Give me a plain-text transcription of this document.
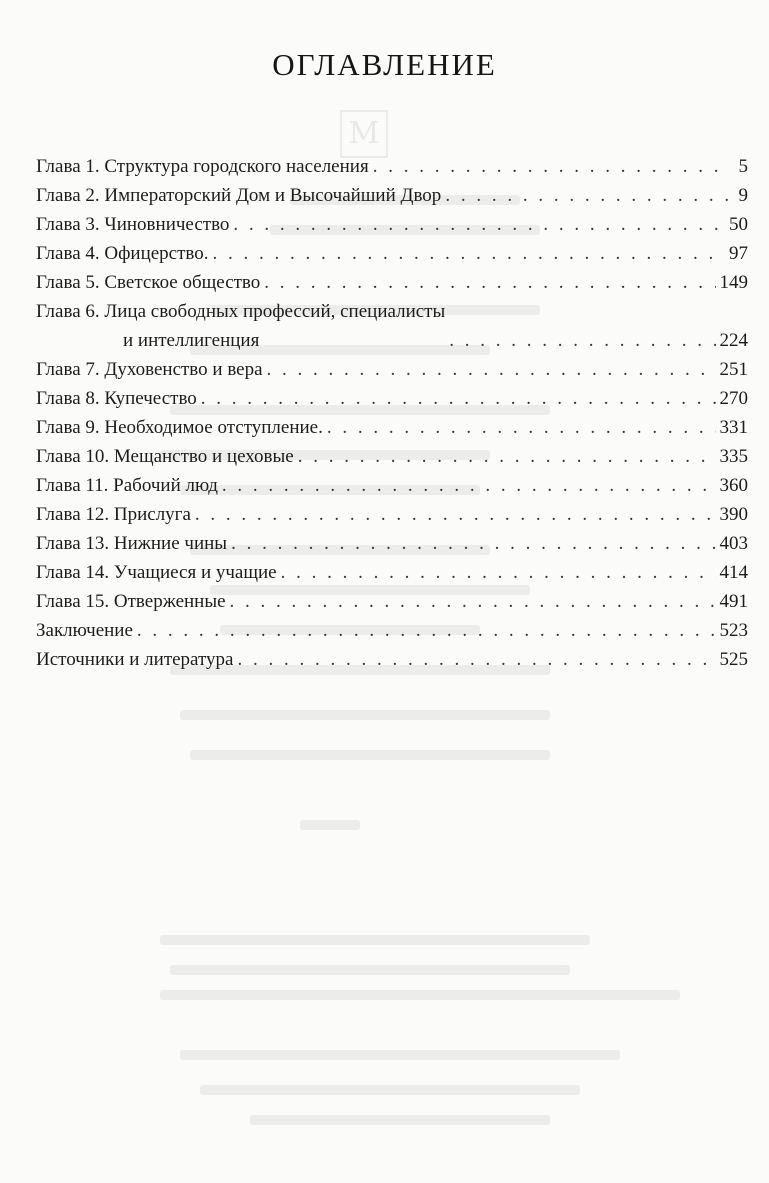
M
ОГЛАВЛЕНИЕ
Глава 1. Структура городского населения . . .	5
Глава 2. Императорский Дом и Высочайший Двор . . .	9
Глава 3. Чиновничество . . .	50
Глава 4. Офицерство. . . .	97
Глава 5. Светское общество . . .	149
Глава 6. Лица свободных профессий, специалисты
и интеллигенция . . .	224
Глава 7. Духовенство и вера . . .	251
Глава 8. Купечество . . .	270
Глава 9. Необходимое отступление. . . .	331
Глава 10. Мещанство и цеховые . . .	335
Глава 11. Рабочий люд . . .	360
Глава 12. Прислуга . . .	390
Глава 13. Нижние чины . . .	403
Глава 14. Учащиеся и учащие . . .	414
Глава 15. Отверженные . . .	491
Заключение . . .	523
Источники и литература . . .	525
